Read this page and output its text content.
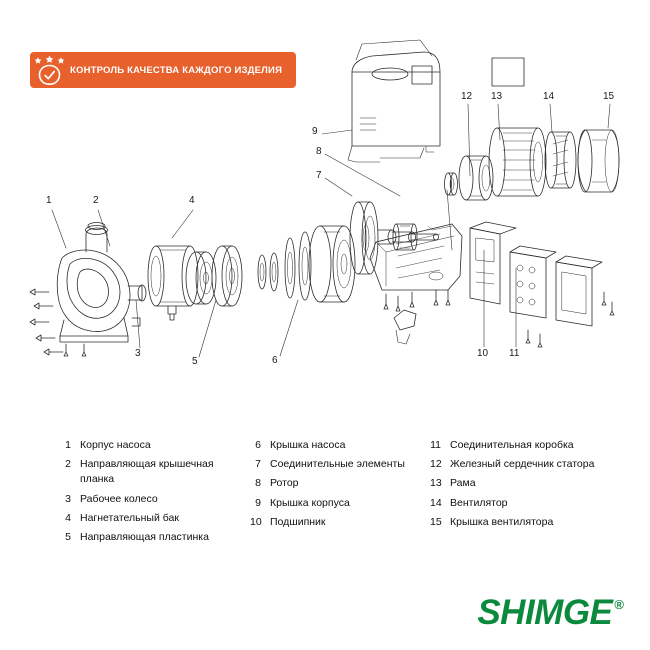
КОНТРОЛЬ КАЧЕСТВА КАЖДОГО ИЗДЕЛИЯ
1	2
3
4
5	6
7
8
9
10 11
12 13	14	15
1 Корпус насоса
2 Направляющая крышечная планка
3 Рабочее колесо
4 Нагнетательный бак
5 Направляющая пластинка
6 Крышка насоса
7 Соединительные элементы
8 Ротор
9 Крышка корпуса
10 Подшипник
11 Соединительная коробка
12 Железный сердечник статора
13 Рама
14 Вентилятор
15 Крышка вентилятора
SHIMGE ®
